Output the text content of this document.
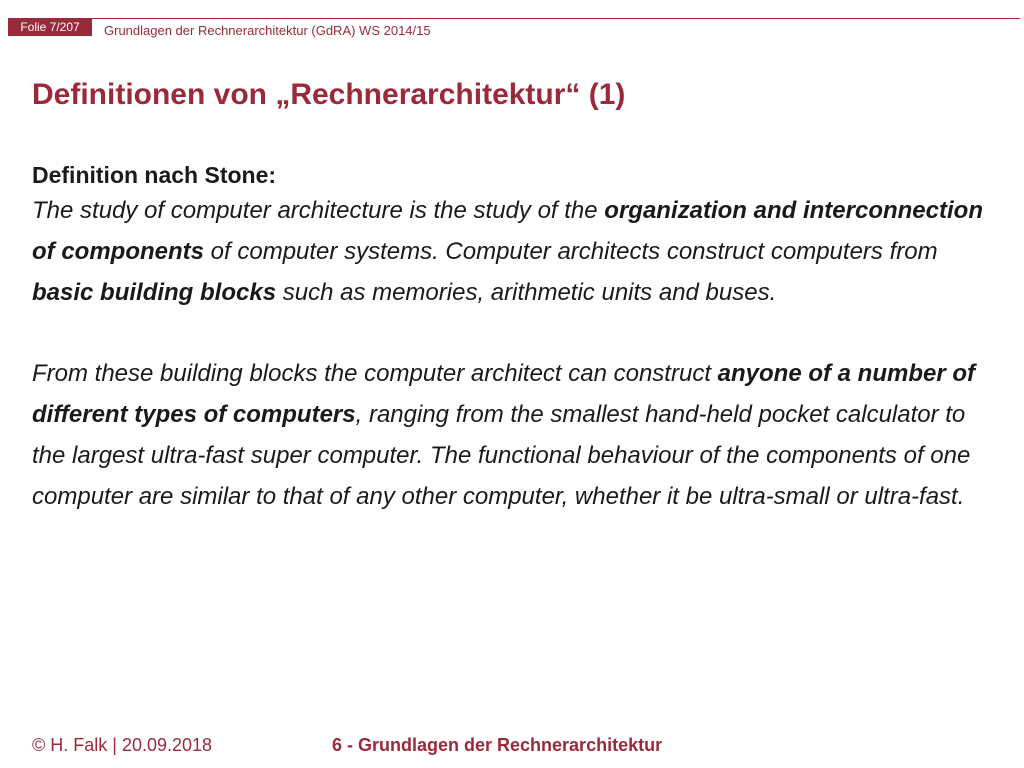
Folie 7/207	Grundlagen der Rechnerarchitektur (GdRA) WS 2014/15
Definitionen von „Rechnerarchitektur“ (1)

Definition nach Stone:

The study of computer architecture is the study of the organization and interconnection of components of computer systems. Computer architects construct computers from basic building blocks such as memories, arithmetic units and buses.

From these building blocks the computer architect can construct anyone of a number of different types of computers, ranging from the smallest hand-held pocket calculator to the largest ultra-fast super computer. The functional behaviour of the components of one computer are similar to that of any other computer, whether it be ultra-small or ultra-fast.

© H. Falk | 20.09.2018	6 - Grundlagen der Rechnerarchitektur
